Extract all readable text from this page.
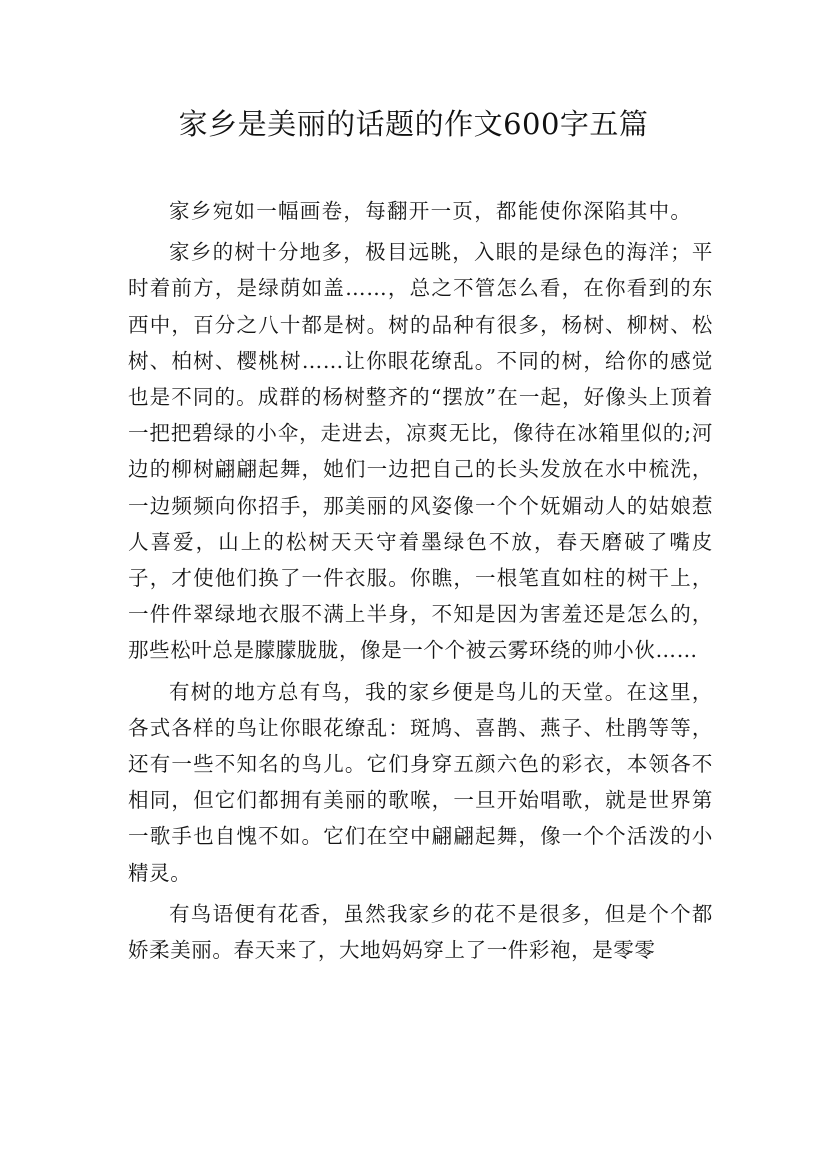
家乡是美丽的话题的作文600字五篇

家乡宛如一幅画卷，每翻开一页，都能使你深陷其中。

家乡的树十分地多，极目远眺，入眼的是绿色的海洋；平时着前方，是绿荫如盖……，总之不管怎么看，在你看到的东西中，百分之八十都是树。树的品种有很多，杨树、柳树、松树、柏树、樱桃树……让你眼花缭乱。不同的树，给你的感觉也是不同的。成群的杨树整齐的“摆放”在一起，好像头上顶着一把把碧绿的小伞，走进去，凉爽无比，像待在冰箱里似的;河边的柳树翩翩起舞，她们一边把自己的长头发放在水中梳洗，一边频频向你招手，那美丽的风姿像一个个妩媚动人的姑娘惹人喜爱，山上的松树天天守着墨绿色不放，春天磨破了嘴皮子，才使他们换了一件衣服。你瞧，一根笔直如柱的树干上，一件件翠绿地衣服不满上半身，不知是因为害羞还是怎么的，那些松叶总是朦朦胧胧，像是一个个被云雾环绕的帅小伙……

有树的地方总有鸟，我的家乡便是鸟儿的天堂。在这里，各式各样的鸟让你眼花缭乱：斑鸠、喜鹊、燕子、杜鹃等等，还有一些不知名的鸟儿。它们身穿五颜六色的彩衣，本领各不相同，但它们都拥有美丽的歌喉，一旦开始唱歌，就是世界第一歌手也自愧不如。它们在空中翩翩起舞，像一个个活泼的小精灵。

有鸟语便有花香，虽然我家乡的花不是很多，但是个个都娇柔美丽。春天来了，大地妈妈穿上了一件彩袍，是零零
